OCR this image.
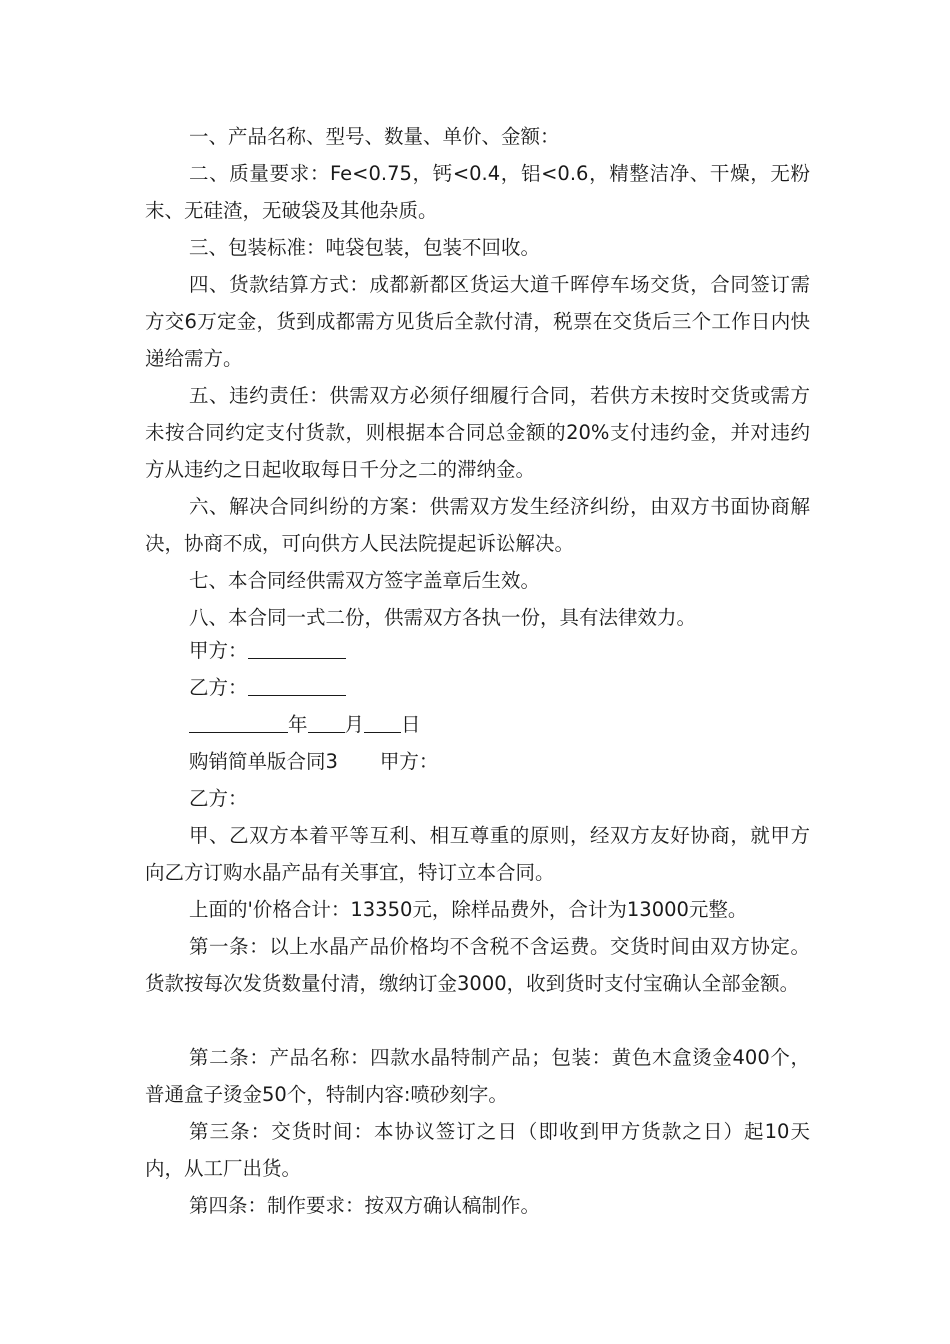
一、产品名称、型号、数量、单价、金额：

二、质量要求：Fe<0.75，钙<0.4，铝<0.6，精整洁净、干燥，无粉末、无硅渣，无破袋及其他杂质。

三、包装标准：吨袋包装，包装不回收。

四、货款结算方式：成都新都区货运大道千晖停车场交货，合同签订需方交6万定金，货到成都需方见货后全款付清，税票在交货后三个工作日内快递给需方。

五、违约责任：供需双方必须仔细履行合同，若供方未按时交货或需方未按合同约定支付货款，则根据本合同总金额的20%支付违约金，并对违约方从违约之日起收取每日千分之二的滞纳金。

六、解决合同纠纷的方案：供需双方发生经济纠纷，由双方书面协商解决，协商不成，可向供方人民法院提起诉讼解决。

七、本合同经供需双方签字盖章后生效。

八、本合同一式二份，供需双方各执一份，具有法律效力。

甲方：
乙方：
年 月 日
购销简单版合同3 甲方：
乙方：

甲、乙双方本着平等互利、相互尊重的原则，经双方友好协商，就甲方向乙方订购水晶产品有关事宜，特订立本合同。

上面的'价格合计：13350元，除样品费外，合计为13000元整。

第一条：以上水晶产品价格均不含税不含运费。交货时间由双方协定。货款按每次发货数量付清，缴纳订金3000，收到货时支付宝确认全部金额。

第二条：产品名称：四款水晶特制产品；包装：黄色木盒烫金400个，普通盒子烫金50个，特制内容:喷砂刻字。

第三条：交货时间：本协议签订之日（即收到甲方货款之日）起10天内，从工厂出货。

第四条：制作要求：按双方确认稿制作。
